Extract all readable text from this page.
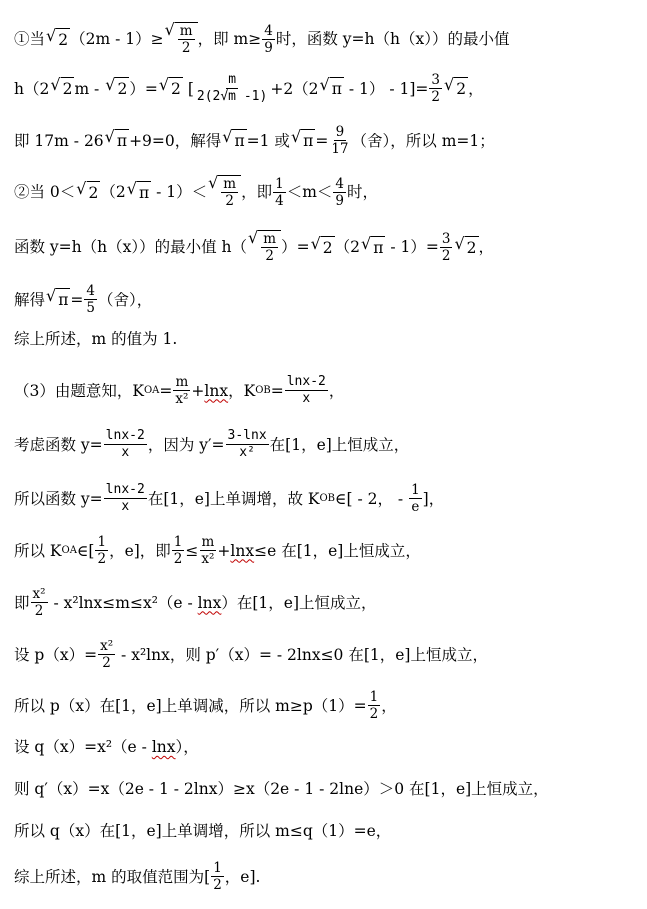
①当 √ 2 （2m - 1）≥ √ $\frac{m}{2}$ ，即 $m\ge \frac{4}{9}$ 时，函数 y=h（h（x））的最小值
h（2 √ 2 m - √ 2 ）= √ 2 [ $\frac{m}{2(2√m -1)} +2(2$ √ $\pi - 1) - 1]= \frac{3}{2}$ √ 2 ，
即 17m - 26 √ π +9=0，解得 √ π =1 或 √ $\pi = \frac{9}{17}$ （舍），所以 m=1；
②当 0＜ √ 2 （2 √ π - 1）＜ √ $\frac{m}{2}$ ，即 $\frac{1}{4} <m< \frac{4}{9}$ 时，
函数 y=h（h（x））的最小值 h（ √ $\frac{m}{2}$ ）= √ 2 （2 √ $\pi - 1)= \frac{3}{2}$ √ 2 ，
解得 √ $\pi = \frac{4}{5}$ （舍），
综上所述，m 的值为 1.
（3）由题意知，K OA = $\frac{m}{\text{x²}} + \ln x$ ，K OB = $\frac{\ln x-2}{x}$ ，
考虑函数 $y= \frac{\ln x-2}{x}$ ，因为 $y'= \frac{3-\ln x}{\text{x²}}$ 在[1，e]上恒成立，
所以函数 $y= \frac{\ln x-2}{x}$ 在[1，e]上单调增，故 K OB ∈[ - 2， - $\frac{1}{e}$ ]，
所以 K OA ∈[ $\frac{1}{2}$ ，e]，即 $\frac{1}{2} \le \frac{m}{\text{x²}} + \ln x \le e$ 在[1，e]上恒成立，
即 $\frac{\text{x²}}{2} - x^2\ln x\le m\le x^2(e - \ln x$ ）在[1，e]上恒成立，
设 $p(x)= \frac{\text{x²}}{2} - x^2\ln x$，则 p′（x）= - 2lnx≤0 在[1，e]上恒成立，
所以 p（x）在[1，e]上单调减，所以 $m\ge p(1)= \frac{1}{2}$ ，
设 q（x）=x²（e - lnx ），
则 q′（x）=x（2e - 1 - 2lnx）≥x（2e - 1 - 2lne）＞0 在[1，e]上恒成立，
所以 q（x）在[1，e]上单调增，所以 m≤q（1）=e，
综上所述，m 的取值范围为[ $\frac{1}{2}$ ，e].
